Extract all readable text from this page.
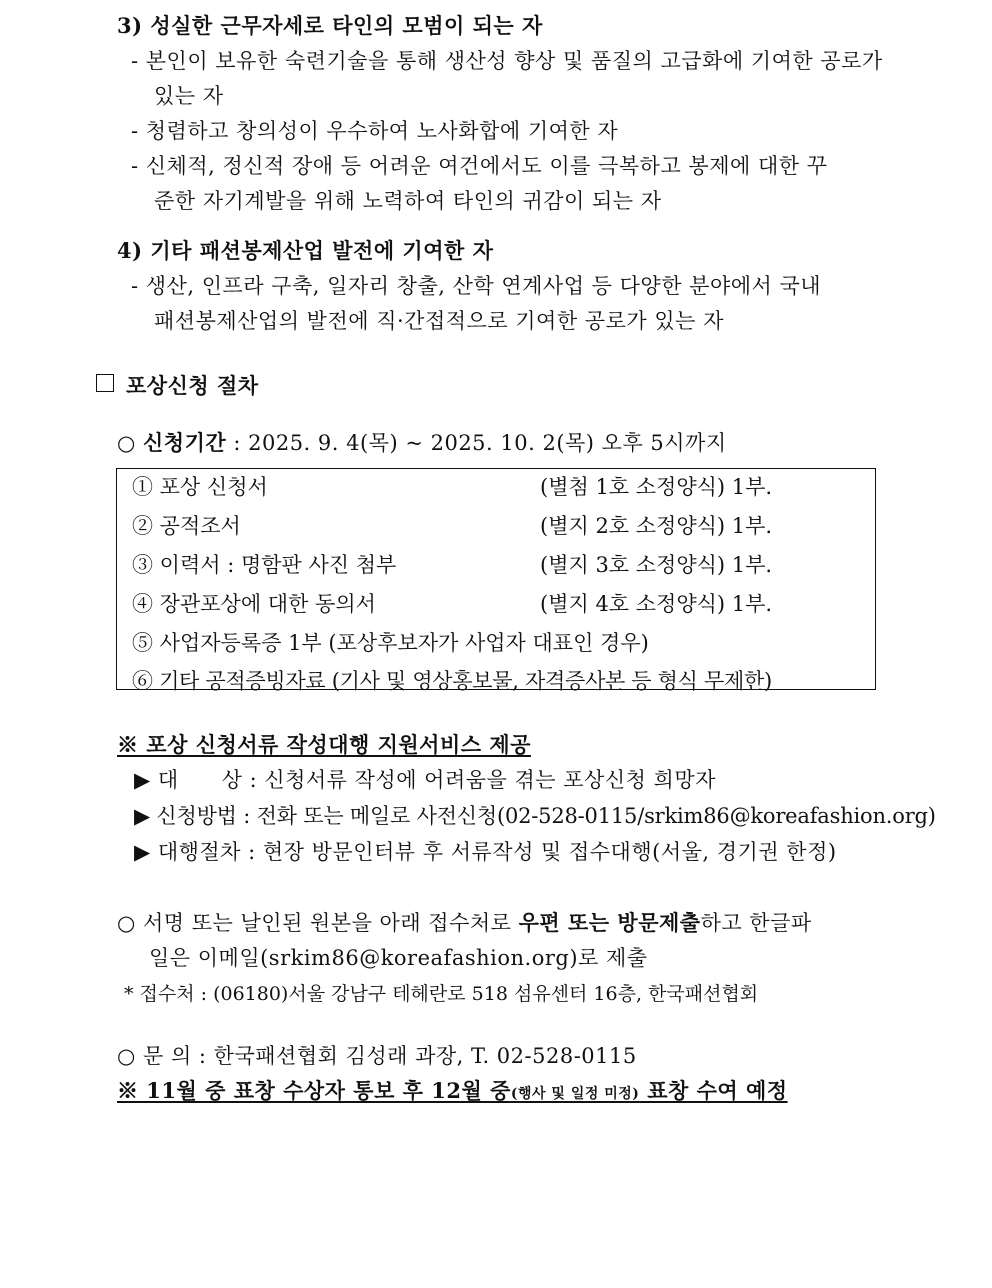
3) 성실한 근무자세로 타인의 모범이 되는 자
- 본인이 보유한 숙련기술을 통해 생산성 향상 및 품질의 고급화에 기여한 공로가
있는 자
- 청렴하고 창의성이 우수하여 노사화합에 기여한 자
- 신체적, 정신적 장애 등 어려운 여건에서도 이를 극복하고 봉제에 대한 꾸
준한 자기계발을 위해 노력하여 타인의 귀감이 되는 자
4) 기타 패션봉제산업 발전에 기여한 자
- 생산, 인프라 구축, 일자리 창출, 산학 연계사업 등 다양한 분야에서 국내
패션봉제산업의 발전에 직·간접적으로 기여한 공로가 있는 자
포상신청 절차
○ 신청기간 : 2025. 9. 4(목) ~ 2025. 10. 2(목) 오후 5시까지
① 포상 신청서	(별첨 1호 소정양식) 1부.
② 공적조서	(별지 2호 소정양식) 1부.
③ 이력서 : 명함판 사진 첨부	(별지 3호 소정양식) 1부.
④ 장관포상에 대한 동의서	(별지 4호 소정양식) 1부.
⑤ 사업자등록증 1부 (포상후보자가 사업자 대표인 경우)
⑥ 기타 공적증빙자료 (기사 및 영상홍보물, 자격증사본 등 형식 무제한)
※ 포상 신청서류 작성대행 지원서비스 제공
▶ 대　　상 : 신청서류 작성에 어려움을 겪는 포상신청 희망자
▶ 신청방법 : 전화 또는 메일로 사전신청(02-528-0115/srkim86@koreafashion.org)
▶ 대행절차 : 현장 방문인터뷰 후 서류작성 및 접수대행(서울, 경기권 한정)
○ 서명 또는 날인된 원본을 아래 접수처로 우편 또는 방문제출하고 한글파
일은 이메일(srkim86@koreafashion.org)로 제출
* 접수처 : (06180)서울 강남구 테헤란로 518 섬유센터 16층, 한국패션협회
○ 문 의 : 한국패션협회 김성래 과장, T. 02-528-0115
※ 11월 중 표창 수상자 통보 후 12월 중(행사 및 일정 미정) 표창 수여 예정
